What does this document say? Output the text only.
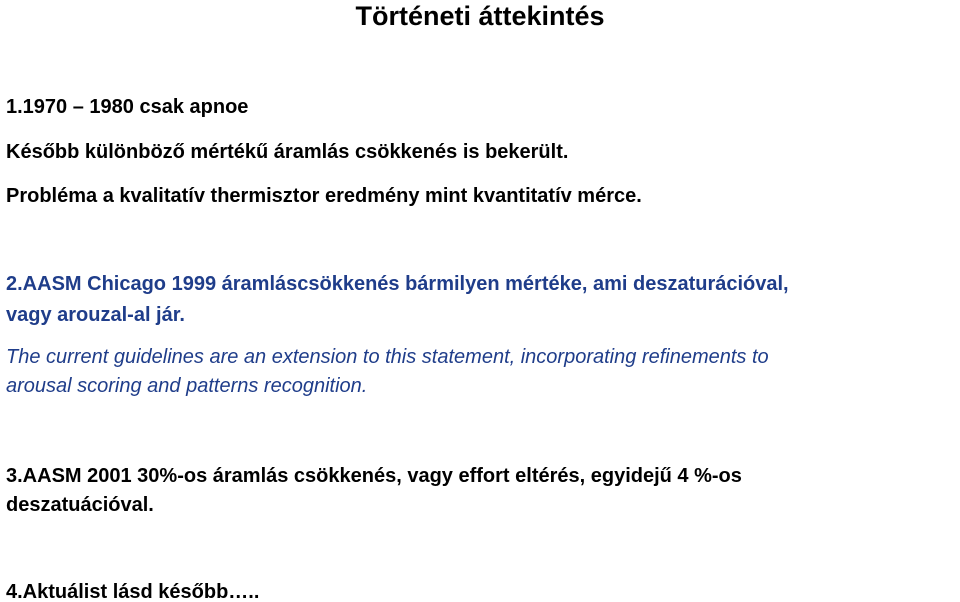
Történeti áttekintés
1.1970 – 1980 csak apnoe
Később különböző mértékű áramlás csökkenés is bekerült.
Probléma a kvalitatív thermisztor eredmény mint kvantitatív mérce.
2.AASM Chicago 1999 áramláscsökkenés bármilyen mértéke, ami deszaturációval,
vagy arouzal-al jár.
The current guidelines are an extension to this statement, incorporating refinements to
arousal scoring and patterns recognition.
3.AASM 2001 30%-os áramlás csökkenés, vagy effort eltérés, egyidejű 4 %-os
deszatuációval.
4.Aktuálist lásd később…..
